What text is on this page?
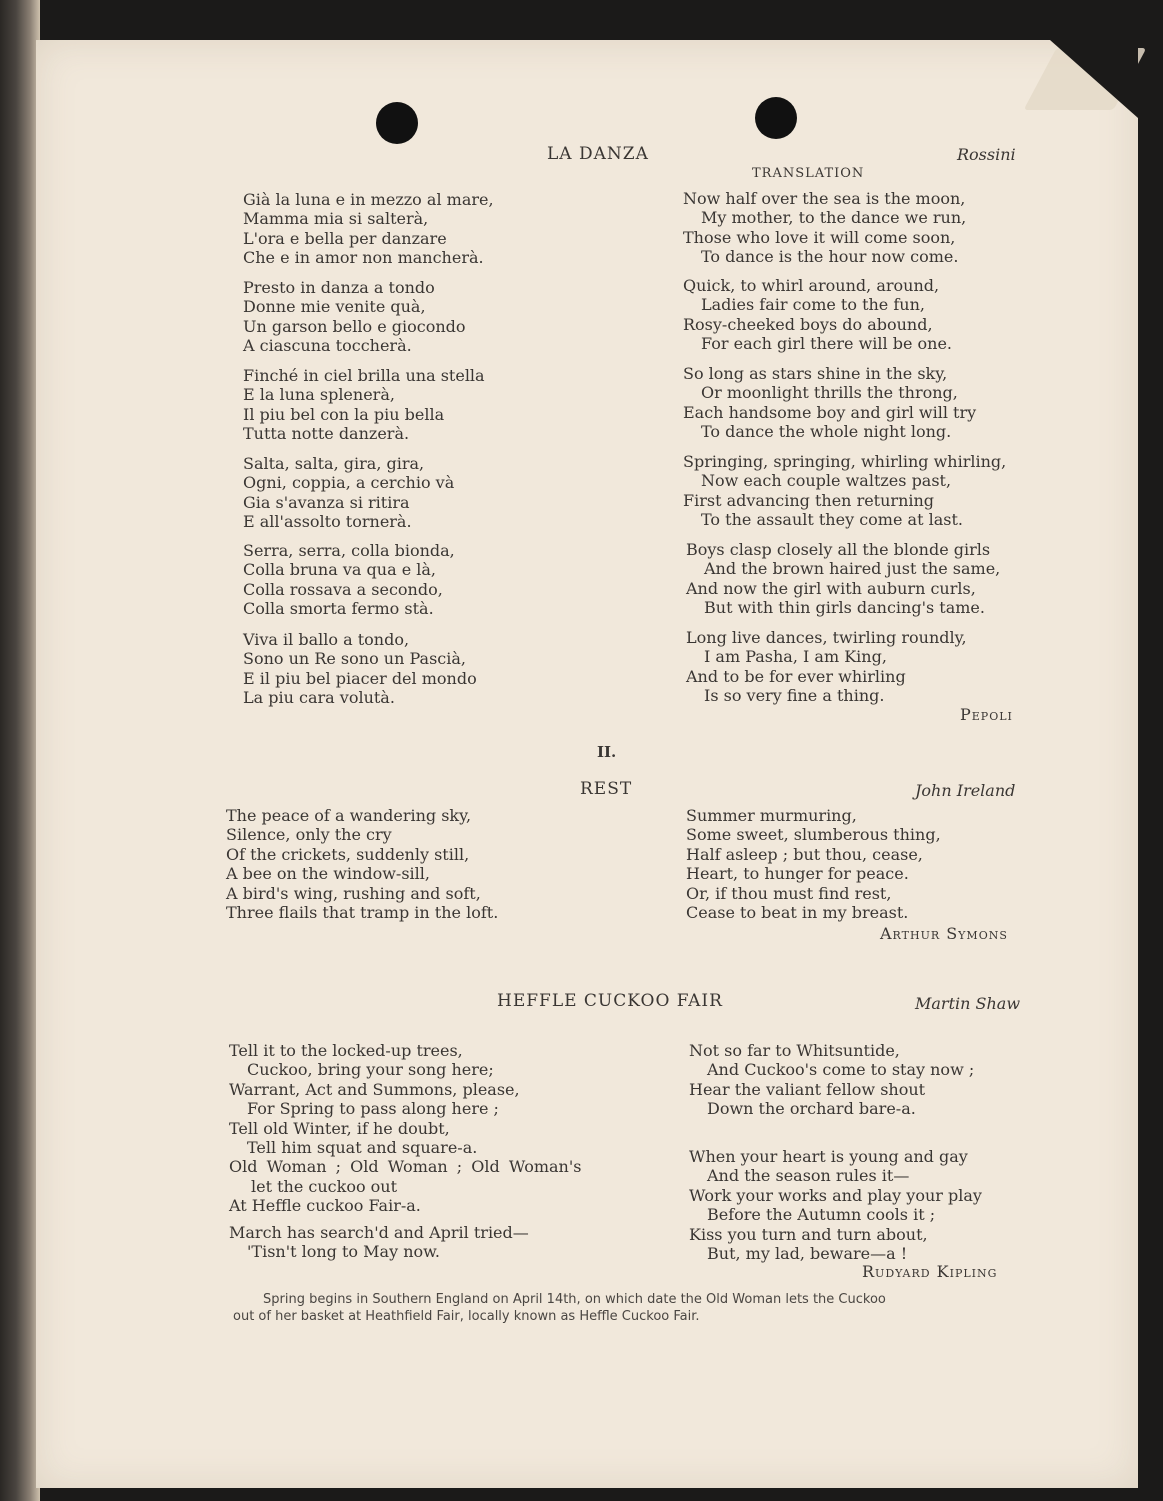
LA DANZA	Rossini
TRANSLATION
Già la luna e in mezzo al mare,
Mamma mia si salterà,
L'ora e bella per danzare
Che e in amor non mancherà.
Presto in danza a tondo
Donne mie venite quà,
Un garson bello e giocondo
A ciascuna toccherà.
Finché in ciel brilla una stella
E la luna splenerà,
Il piu bel con la piu bella
Tutta notte danzerà.
Salta, salta, gira, gira,
Ogni, coppia, a cerchio và
Gia s'avanza si ritira
E all'assolto tornerà.
Serra, serra, colla bionda,
Colla bruna va qua e là,
Colla rossava a secondo,
Colla smorta fermo stà.
Viva il ballo a tondo,
Sono un Re sono un Pascià,
E il piu bel piacer del mondo
La piu cara volutà.
Now half over the sea is the moon,
My mother, to the dance we run,
Those who love it will come soon,
To dance is the hour now come.
Quick, to whirl around, around,
Ladies fair come to the fun,
Rosy-cheeked boys do abound,
For each girl there will be one.
So long as stars shine in the sky,
Or moonlight thrills the throng,
Each handsome boy and girl will try
To dance the whole night long.
Springing, springing, whirling whirling,
Now each couple waltzes past,
First advancing then returning
To the assault they come at last.
Boys clasp closely all the blonde girls
And the brown haired just the same,
And now the girl with auburn curls,
But with thin girls dancing's tame.
Long live dances, twirling roundly,
I am Pasha, I am King,
And to be for ever whirling
Is so very fine a thing.
Pepoli
II.
REST	John Ireland
The peace of a wandering sky,
Silence, only the cry
Of the crickets, suddenly still,
A bee on the window-sill,
A bird's wing, rushing and soft,
Three flails that tramp in the loft.
Summer murmuring,
Some sweet, slumberous thing,
Half asleep ; but thou, cease,
Heart, to hunger for peace.
Or, if thou must find rest,
Cease to beat in my breast.
Arthur Symons
HEFFLE CUCKOO FAIR	Martin Shaw
Tell it to the locked-up trees,
Cuckoo, bring your song here;
Warrant, Act and Summons, please,
For Spring to pass along here ;
Tell old Winter, if he doubt,
Tell him squat and square-a.
Old Woman ; Old Woman ; Old Woman's
let the cuckoo out
At Heffle cuckoo Fair-a.
March has search'd and April tried—
'Tisn't long to May now.
Not so far to Whitsuntide,
And Cuckoo's come to stay now ;
Hear the valiant fellow shout
Down the orchard bare-a.
When your heart is young and gay
And the season rules it—
Work your works and play your play
Before the Autumn cools it ;
Kiss you turn and turn about,
But, my lad, beware—a !
Rudyard Kipling
Spring begins in Southern England on April 14th, on which date the Old Woman lets the Cuckoo
out of her basket at Heathfield Fair, locally known as Heffle Cuckoo Fair.
